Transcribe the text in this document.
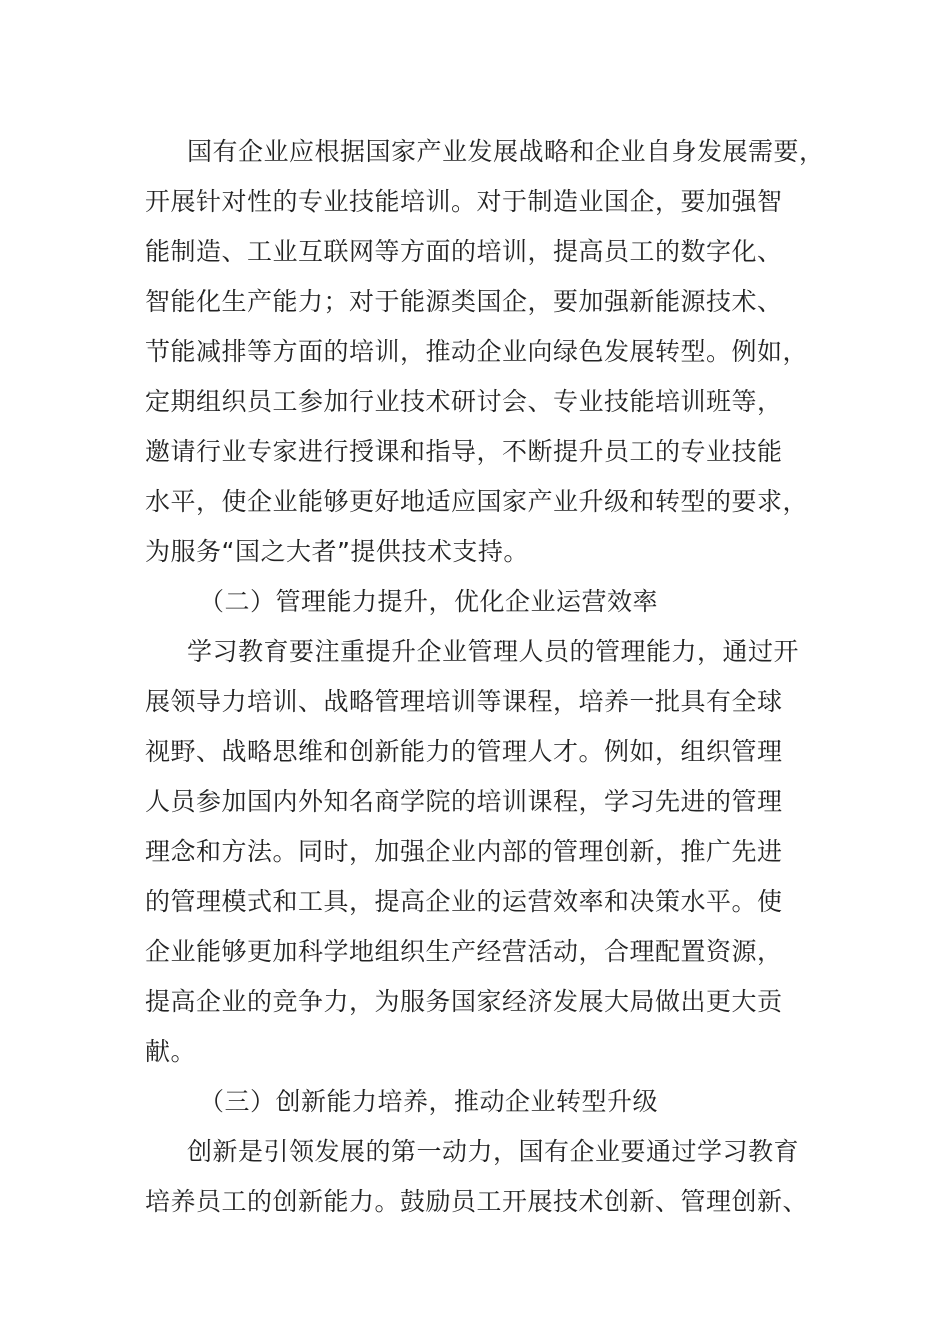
国有企业应根据国家产业发展战略和企业自身发展需要，
开展针对性的专业技能培训。对于制造业国企，要加强智
能制造、工业互联网等方面的培训，提高员工的数字化、
智能化生产能力；对于能源类国企，要加强新能源技术、
节能减排等方面的培训，推动企业向绿色发展转型。例如，
定期组织员工参加行业技术研讨会、专业技能培训班等，
邀请行业专家进行授课和指导，不断提升员工的专业技能
水平，使企业能够更好地适应国家产业升级和转型的要求，
为服务“国之大者”提供技术支持。
（二）管理能力提升，优化企业运营效率
学习教育要注重提升企业管理人员的管理能力，通过开
展领导力培训、战略管理培训等课程，培养一批具有全球
视野、战略思维和创新能力的管理人才。例如，组织管理
人员参加国内外知名商学院的培训课程，学习先进的管理
理念和方法。同时，加强企业内部的管理创新，推广先进
的管理模式和工具，提高企业的运营效率和决策水平。使
企业能够更加科学地组织生产经营活动，合理配置资源，
提高企业的竞争力，为服务国家经济发展大局做出更大贡
献。
（三）创新能力培养，推动企业转型升级
创新是引领发展的第一动力，国有企业要通过学习教育
培养员工的创新能力。鼓励员工开展技术创新、管理创新、
